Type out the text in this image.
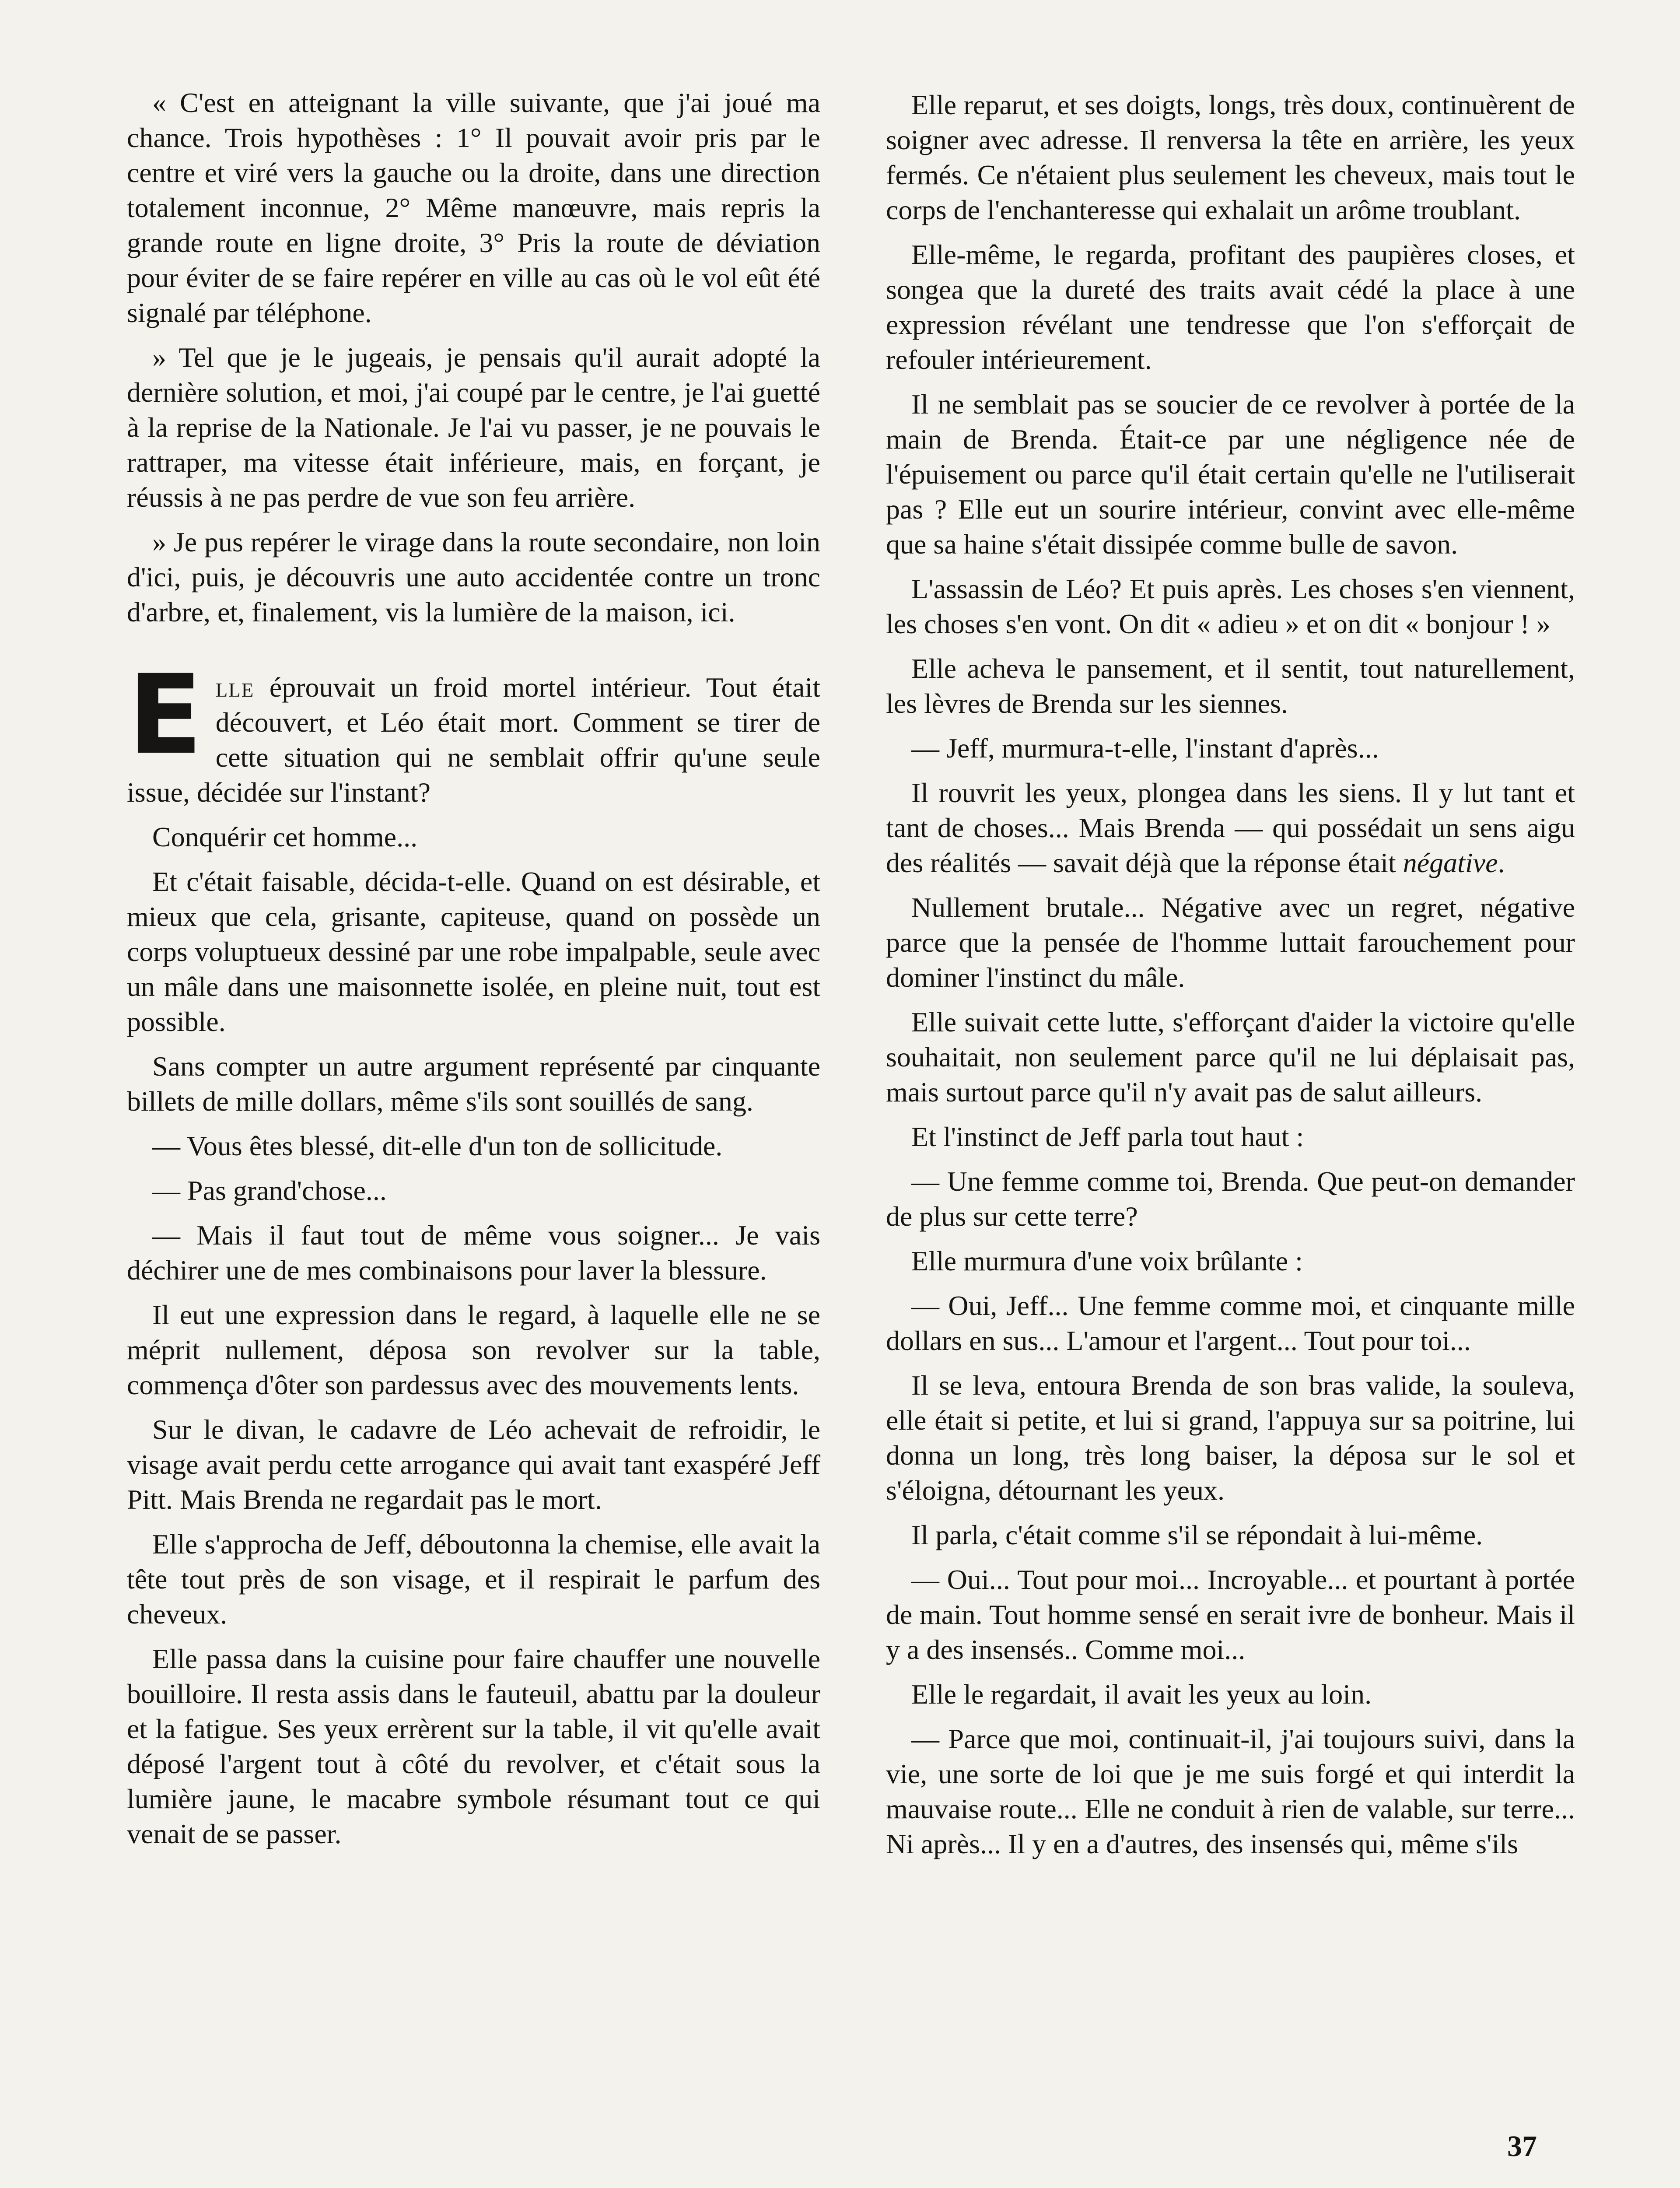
« C'est en atteignant la ville suivante, que j'ai joué ma chance. Trois hypothèses : 1° Il pouvait avoir pris par le centre et viré vers la gauche ou la droite, dans une direction totalement inconnue, 2° Même manœuvre, mais repris la grande route en ligne droite, 3° Pris la route de déviation pour éviter de se faire repérer en ville au cas où le vol eût été signalé par téléphone.

» Tel que je le jugeais, je pensais qu'il aurait adopté la dernière solution, et moi, j'ai coupé par le centre, je l'ai guetté à la reprise de la Nationale. Je l'ai vu passer, je ne pouvais le rattraper, ma vitesse était inférieure, mais, en forçant, je réussis à ne pas perdre de vue son feu arrière.

» Je pus repérer le virage dans la route secondaire, non loin d'ici, puis, je découvris une auto accidentée contre un tronc d'arbre, et, finalement, vis la lumière de la maison, ici.

Elle éprouvait un froid mortel intérieur. Tout était découvert, et Léo était mort. Comment se tirer de cette situation qui ne semblait offrir qu'une seule issue, décidée sur l'instant?

Conquérir cet homme...

Et c'était faisable, décida-t-elle. Quand on est désirable, et mieux que cela, grisante, capiteuse, quand on possède un corps voluptueux dessiné par une robe impalpable, seule avec un mâle dans une maisonnette isolée, en pleine nuit, tout est possible.

Sans compter un autre argument représenté par cinquante billets de mille dollars, même s'ils sont souillés de sang.

— Vous êtes blessé, dit-elle d'un ton de sollicitude.

— Pas grand'chose...

— Mais il faut tout de même vous soigner... Je vais déchirer une de mes combinaisons pour laver la blessure.

Il eut une expression dans le regard, à laquelle elle ne se méprit nullement, déposa son revolver sur la table, commença d'ôter son pardessus avec des mouvements lents.

Sur le divan, le cadavre de Léo achevait de refroidir, le visage avait perdu cette arrogance qui avait tant exaspéré Jeff Pitt. Mais Brenda ne regardait pas le mort.

Elle s'approcha de Jeff, déboutonna la chemise, elle avait la tête tout près de son visage, et il respirait le parfum des cheveux.

Elle passa dans la cuisine pour faire chauffer une nouvelle bouilloire. Il resta assis dans le fauteuil, abattu par la douleur et la fatigue. Ses yeux errèrent sur la table, il vit qu'elle avait déposé l'argent tout à côté du revolver, et c'était sous la lumière jaune, le macabre symbole résumant tout ce qui venait de se passer.

Elle reparut, et ses doigts, longs, très doux, continuèrent de soigner avec adresse. Il renversa la tête en arrière, les yeux fermés. Ce n'étaient plus seulement les cheveux, mais tout le corps de l'enchanteresse qui exhalait un arôme troublant.

Elle-même, le regarda, profitant des paupières closes, et songea que la dureté des traits avait cédé la place à une expression révélant une tendresse que l'on s'efforçait de refouler intérieurement.

Il ne semblait pas se soucier de ce revolver à portée de la main de Brenda. Était-ce par une négligence née de l'épuisement ou parce qu'il était certain qu'elle ne l'utiliserait pas ? Elle eut un sourire intérieur, convint avec elle-même que sa haine s'était dissipée comme bulle de savon.

L'assassin de Léo? Et puis après. Les choses s'en viennent, les choses s'en vont. On dit « adieu » et on dit « bonjour ! »

Elle acheva le pansement, et il sentit, tout naturellement, les lèvres de Brenda sur les siennes.

— Jeff, murmura-t-elle, l'instant d'après...

Il rouvrit les yeux, plongea dans les siens. Il y lut tant et tant de choses... Mais Brenda — qui possédait un sens aigu des réalités — savait déjà que la réponse était négative.

Nullement brutale... Négative avec un regret, négative parce que la pensée de l'homme luttait farouchement pour dominer l'instinct du mâle.

Elle suivait cette lutte, s'efforçant d'aider la victoire qu'elle souhaitait, non seulement parce qu'il ne lui déplaisait pas, mais surtout parce qu'il n'y avait pas de salut ailleurs.

Et l'instinct de Jeff parla tout haut :

— Une femme comme toi, Brenda. Que peut-on demander de plus sur cette terre?

Elle murmura d'une voix brûlante :

— Oui, Jeff... Une femme comme moi, et cinquante mille dollars en sus... L'amour et l'argent... Tout pour toi...

Il se leva, entoura Brenda de son bras valide, la souleva, elle était si petite, et lui si grand, l'appuya sur sa poitrine, lui donna un long, très long baiser, la déposa sur le sol et s'éloigna, détournant les yeux.

Il parla, c'était comme s'il se répondait à lui-même.

— Oui... Tout pour moi... Incroyable... et pourtant à portée de main. Tout homme sensé en serait ivre de bonheur. Mais il y a des insensés.. Comme moi...

Elle le regardait, il avait les yeux au loin.

— Parce que moi, continuait-il, j'ai toujours suivi, dans la vie, une sorte de loi que je me suis forgé et qui interdit la mauvaise route... Elle ne conduit à rien de valable, sur terre... Ni après... Il y en a d'autres, des insensés qui, même s'ils

37
